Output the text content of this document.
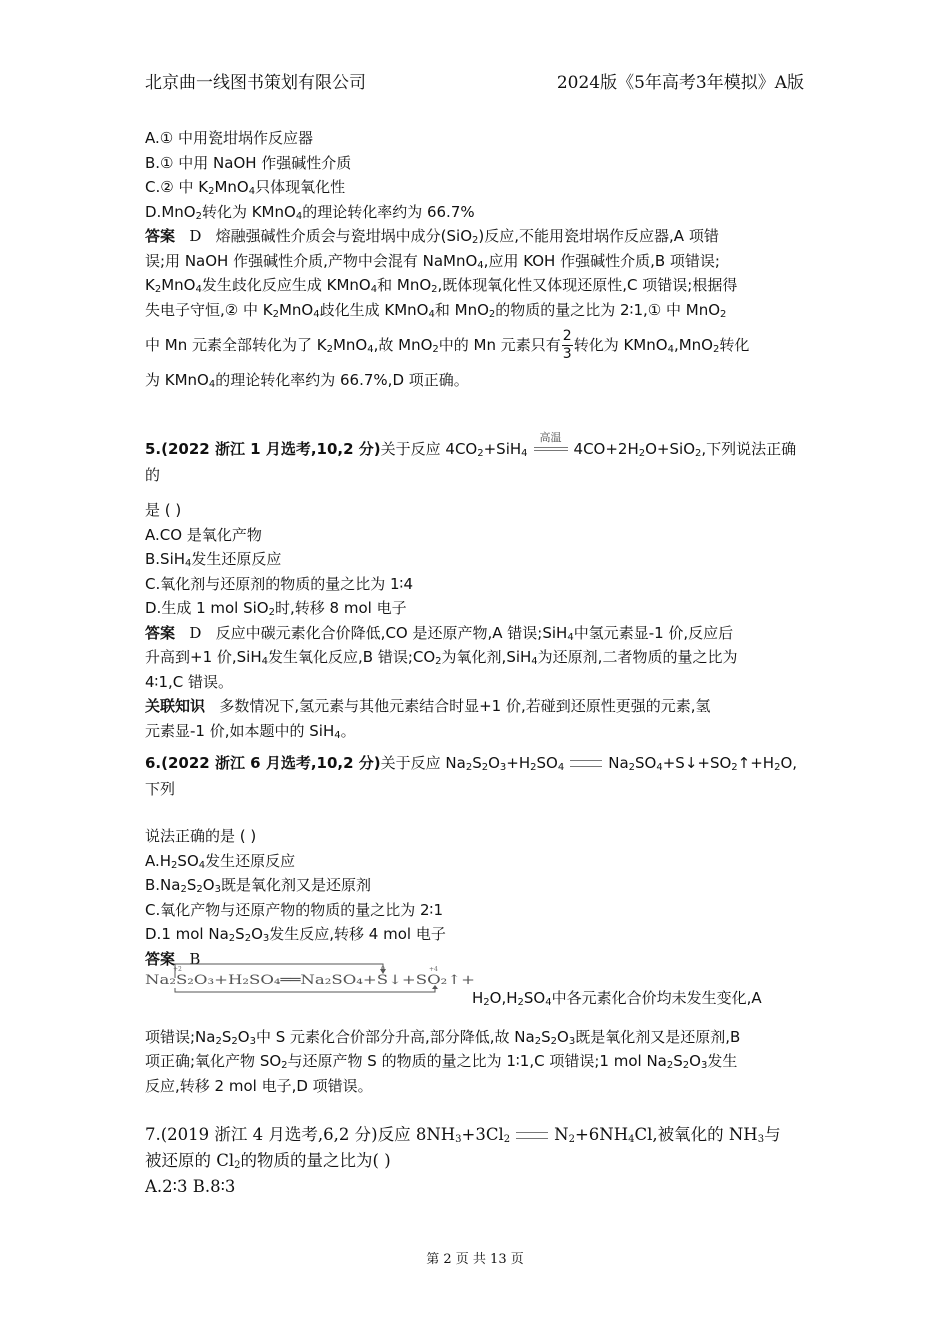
北京曲一线图书策划有限公司	2024版《5年高考3年模拟》A版

A.① 中用瓷坩埚作反应器

B.① 中用 NaOH 作强碱性介质

C.② 中 $K_2MnO_4$只体现氧化性

D.MnO$_2$转化为 KMnO$_4$的理论转化率约为 66.7%

答案 D 熔融强碱性介质会与瓷坩埚中成分(SiO$_2$)反应,不能用瓷坩埚作反应器,A 项错

误;用 NaOH 作强碱性介质,产物中会混有 NaMnO$_4$,应用 KOH 作强碱性介质,B 项错误;

$K_2MnO_4$发生歧化反应生成 KMnO$_4$和 MnO$_2$,既体现氧化性又体现还原性,C 项错误;根据得

失电子守恒,② 中 $K_2MnO_4$歧化生成 KMnO$_4$和 MnO$_2$的物质的量之比为 2∶1,① 中 MnO$_2$

中 Mn 元素全部转化为了 $K_2MnO_4$,故 MnO$_2$中的 Mn 元素只有 $\frac{2}{3}$ 转化为 KMnO$_4$,MnO$_2$转化

为 KMnO$_4$的理论转化率约为 66.7%,D 项正确。

5.(2022 浙江 1 月选考,10,2 分)关于反应 $4CO_2+SiH_4$
高温
$4CO+2H_2O+SiO_2$,下列说法正确的

是 ( )

A.CO 是氧化产物

B.SiH$_4$发生还原反应

C.氧化剂与还原剂的物质的量之比为 1∶4

D.生成 1 mol SiO$_2$时,转移 8 mol 电子

答案 D 反应中碳元素化合价降低,CO 是还原产物,A 错误;SiH$_4$中氢元素显-1 价,反应后

升高到+1 价,SiH$_4$发生氧化反应,B 错误$;CO_2$为氧化剂,SiH$_4$为还原剂,二者物质的量之比为

4∶1,C 错误。

关联知识 多数情况下,氢元素与其他元素结合时显+1 价,若碰到还原性更强的元素,氢

元素显-1 价,如本题中的 SiH$_4$。

6.(2022 浙江 6 月选考,10,2 分)关于反应 $Na_2S_2O_3+H_2SO_4$	$Na_2SO_4+S↓+SO_2↑+H_2O$,下列

说法正确的是 ( )

$A.H_2SO_4$发生还原反应

$B.Na_2S_2O_3$既是氧化剂又是还原剂

C.氧化产物与还原产物的物质的量之比为 2∶1

D.1 mol $Na_2S_2O_3$发生反应,转移 4 mol 电子

答案 B

+2	0	+4
Na₂S₂O₃+H₂SO₄══Na₂SO₄+S↓+SO₂↑+

$H_2O,H_2SO_4$中各元素化合价均未发生变化,A

项错误$;Na_2S_2O_3$中 S 元素化合价部分升高,部分降低,故 $Na_2S_2O_3$既是氧化剂又是还原剂,B

项正确;氧化产物 $SO_2$与还原产物 S 的物质的量之比为 1∶1,C 项错误;1 mol $Na_2S_2O_3$发生

反应,转移 2 mol 电子,D 项错误。

7.(2019 浙江 4 月选考,6,2 分)反应 $8NH_3+3Cl_2$	$N_2+6NH_4Cl$,被氧化的 $NH_3$与

被还原的 $Cl_2$的物质的量之比为( )

A.2∶3 B.8∶3

第 2 页 共 13 页
